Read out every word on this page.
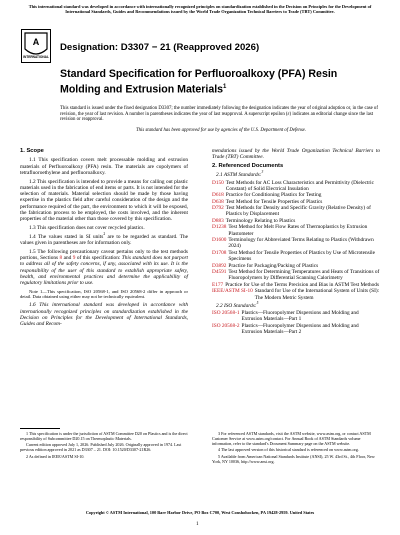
This international standard was developed in accordance with internationally recognized principles on standardization established in the Decision on Principles for the Development of International Standards, Guides and Recommendations issued by the World Trade Organization Technical Barriers to Trade (TBT) Committee.
A
INTERNATIONAL
Designation: D3307 − 21 (Reapproved 2026)
Standard Specification for Perfluoroalkoxy (PFA) Resin Molding and Extrusion Materials$^1$
This standard is issued under the fixed designation D3307; the number immediately following the designation indicates the year of original adoption or, in the case of revision, the year of last revision. A number in parentheses indicates the year of last reapproval. A superscript epsilon (ε) indicates an editorial change since the last revision or reapproval.
This standard has been approved for use by agencies of the U.S. Department of Defense.

1. Scope

1.1 This specification covers melt processable molding and extrusion materials of Perfluoroalkoxy (PFA) resin. The materials are copolymers of tetrafluoroethylene and perfluoroalkoxy.

1.2 This specification is intended to provide a means for calling out plastic materials used in the fabrication of end items or parts. It is not intended for the selection of materials. Material selection should be made by those having expertise in the plastics field after careful consideration of the design and the performance required of the part, the environment to which it will be exposed, the fabrication process to be employed, the costs involved, and the inherent properties of the material other than those covered by this specification.

1.3 This specification does not cover recycled plastics.

1.4 The values stated in SI units$^2$ are to be regarded as standard. The values given in parentheses are for information only.

1.5 The following precautionary caveat pertains only to the test methods portions, Sections 8 and 9 of this specification: This standard does not purport to address all of the safety concerns, if any, associated with its use. It is the responsibility of the user of this standard to establish appropriate safety, health, and environmental practices and determine the applicability of regulatory limitations prior to use.

Note 1—This specification, ISO 20568-1, and ISO 20568-2 differ in approach or detail. Data obtained using either may not be technically equivalent.

1.6 This international standard was developed in accordance with internationally recognized principles on standardization established in the Decision on Principles for the Development of International Standards, Guides and Recom-

mendations issued by the World Trade Organization Technical Barriers to Trade (TBT) Committee.

2. Referenced Documents

2.1 ASTM Standards:$^3$

D150 Test Methods for AC Loss Characteristics and Permittivity (Dielectric Constant) of Solid Electrical Insulation
D618 Practice for Conditioning Plastics for Testing
D638 Test Method for Tensile Properties of Plastics
D792 Test Methods for Density and Specific Gravity (Relative Density) of Plastics by Displacement
D883 Terminology Relating to Plastics
D1238 Test Method for Melt Flow Rates of Thermoplastics by Extrusion Plastometer
D1600 Terminology for Abbreviated Terms Relating to Plastics (Withdrawn 2024)
D1708 Test Method for Tensile Properties of Plastics by Use of Microtensile Specimens
D3892 Practice for Packaging/Packing of Plastics
D4591 Test Method for Determining Temperatures and Heats of Transitions of Fluoropolymers by Differential Scanning Calorimetry
E177 Practice for Use of the Terms Precision and Bias in ASTM Test Methods
IEEE/ASTM SI-10 Standard for Use of the International System of Units (SI): The Modern Metric System

2.2 ISO Standards:$^5$

ISO 20568-1 Plastics—Fluoropolymer Dispersions and Molding and Extrusion Materials—Part 1
ISO 20568-2 Plastics—Fluoropolymer Dispersions and Molding and Extrusion Materials—Part 2

1 This specification is under the jurisdiction of ASTM Committee D20 on Plastics and is the direct responsibility of Subcommittee D20.15 on Thermoplastic Materials.

Current edition approved July 1, 2026. Published July 2026. Originally approved in 1974. Last previous edition approved in 2021 as D3307 – 21. DOI: 10.1520/D3307-21R26.

2 As defined in IEEE/ASTM SI-10.

3 For referenced ASTM standards, visit the ASTM website, www.astm.org, or contact ASTM Customer Service at www.astm.org/contact. For Annual Book of ASTM Standards volume information, refer to the standard's Document Summary page on the ASTM website.

4 The last approved version of this historical standard is referenced on www.astm.org.

5 Available from American National Standards Institute (ANSI), 25 W. 43rd St., 4th Floor, New York, NY 10036, http://www.ansi.org.

Copyright © ASTM International, 100 Barr Harbor Drive, PO Box C700, West Conshohocken, PA 19428-2959. United States
1
